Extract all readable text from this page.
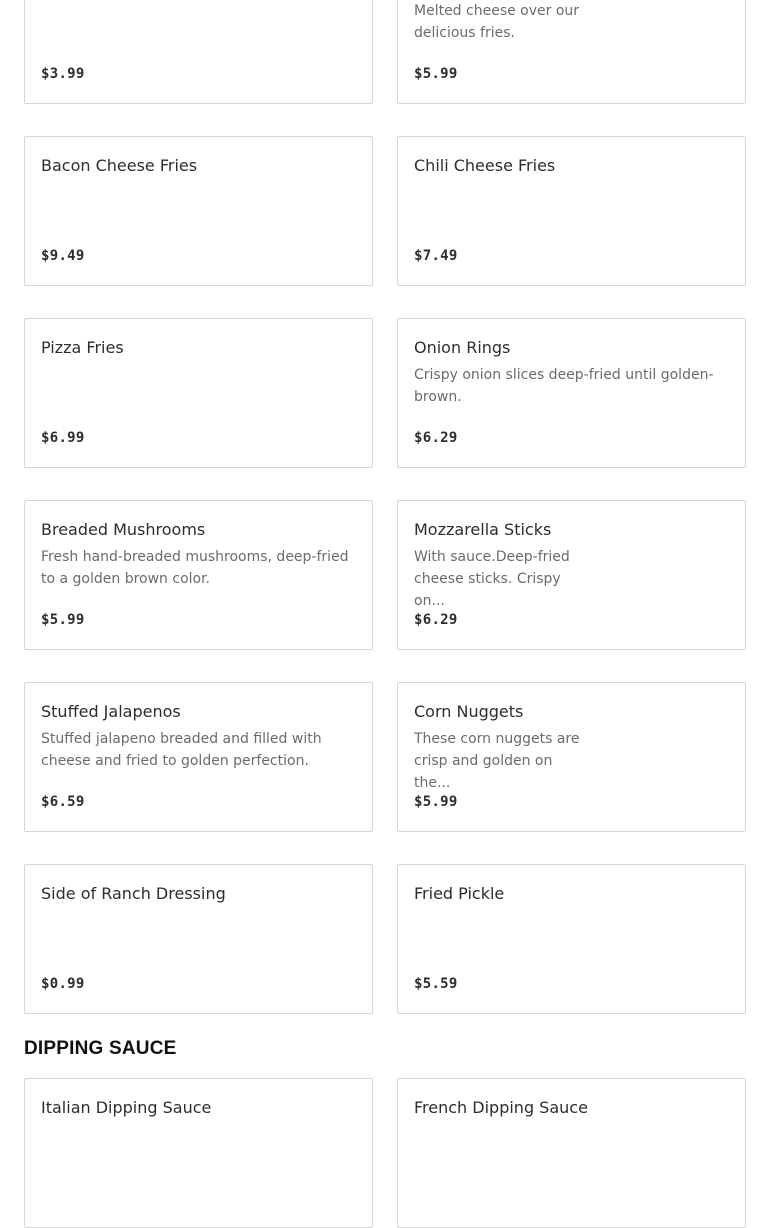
$3.99
Melted cheese over our delicious fries.
$5.99
Bacon Cheese Fries
$9.49
Chili Cheese Fries
$7.49
Pizza Fries
$6.99
Onion Rings
Crispy onion slices deep-fried until golden-brown.
$6.29
Breaded Mushrooms
Fresh hand-breaded mushrooms, deep-fried to a golden brown color.
$5.99
Mozzarella Sticks
With sauce.Deep-fried cheese sticks. Crispy on...
$6.29
Stuffed Jalapenos
Stuffed jalapeno breaded and filled with cheese and fried to golden perfection.
$6.59
Corn Nuggets
These corn nuggets are crisp and golden on the...
$5.99
Side of Ranch Dressing
$0.99
Fried Pickle
$5.59
DIPPING SAUCE
Italian Dipping Sauce	French Dipping Sauce
